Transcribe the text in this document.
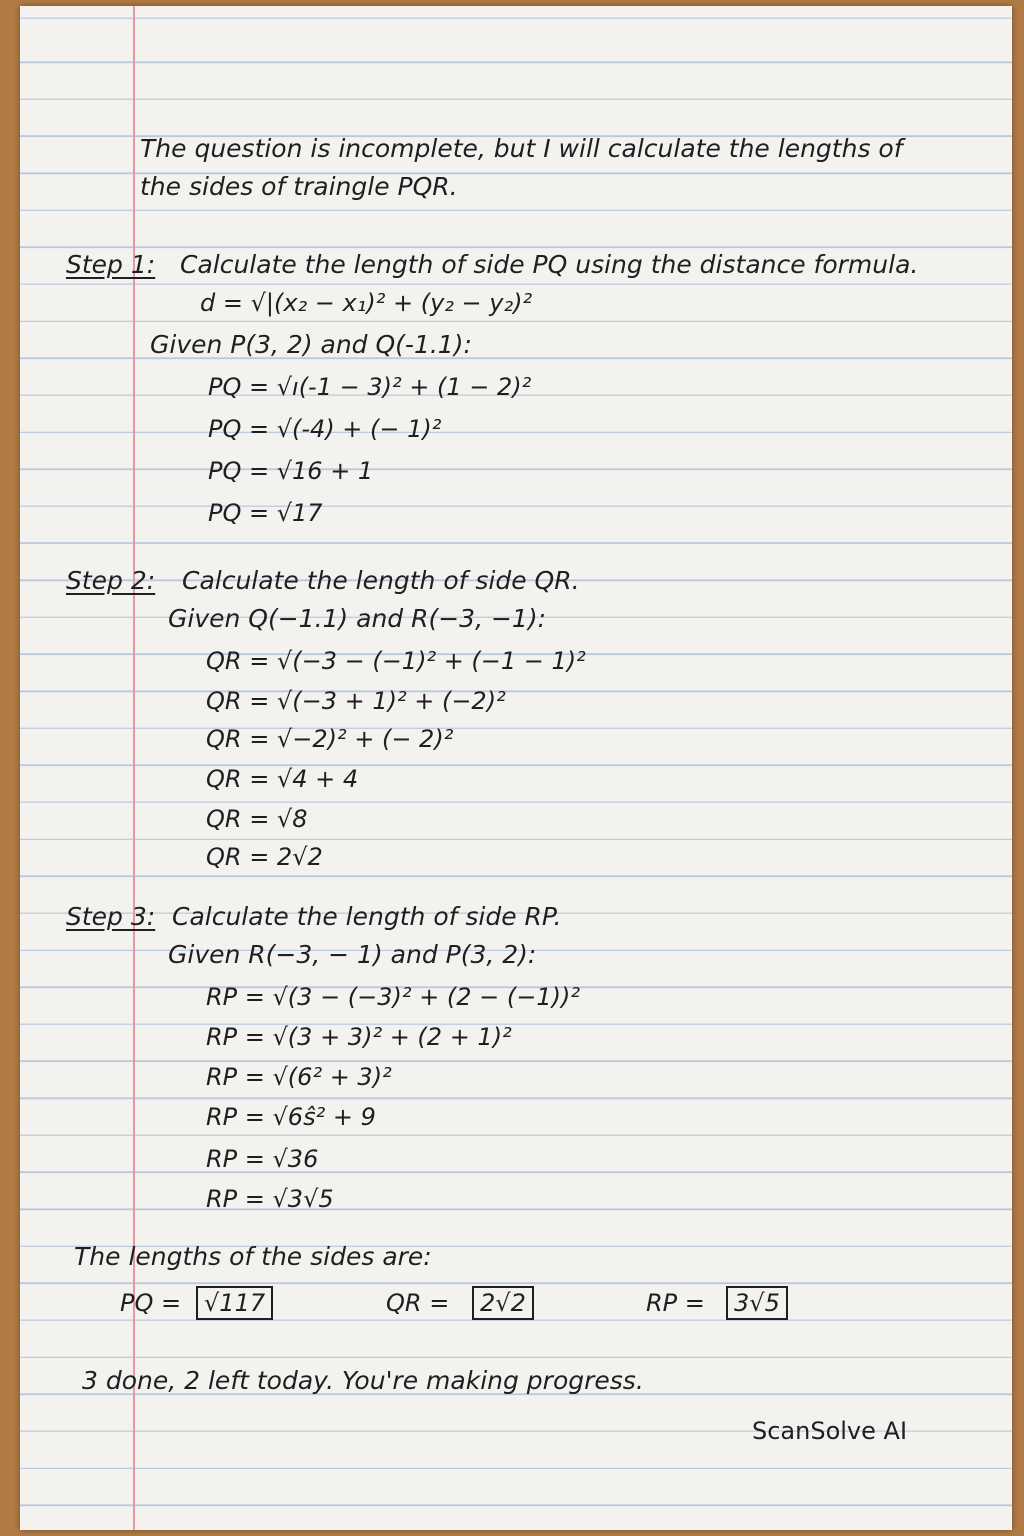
The question is incomplete, but I will calculate the lengths of
the sides of traingle PQR.
Step 1: Calculate the length of side PQ using the distance formula.
d = √|(x₂ − x₁)² + (y₂ − y₂)²
Given P(3, 2) and Q(-1.1):
PQ = √ı(-1 − 3)² + (1 − 2)²
PQ = √(-4) + (− 1)²
PQ = √16 + 1
PQ = √17
Step 2: Calculate the length of side QR.
Given Q(−1.1) and R(−3, −1):
QR = √(−3 − (−1)² + (−1 − 1)²
QR = √(−3 + 1)² + (−2)²
QR = √−2)² + (− 2)²
QR = √4 + 4
QR = √8
QR = 2√2
Step 3: Calculate the length of side RP.
Given R(−3, − 1) and P(3, 2):
RP = √(3 − (−3)² + (2 − (−1))²
RP = √(3 + 3)² + (2 + 1)²
RP = √(6² + 3)²
RP = √6ŝ² + 9
RP = √36
RP = √3√5
The lengths of the sides are:
PQ = √117	QR =	2√2	RP =	3√5
3 done, 2 left today. You're making progress.
ScanSolve AI
